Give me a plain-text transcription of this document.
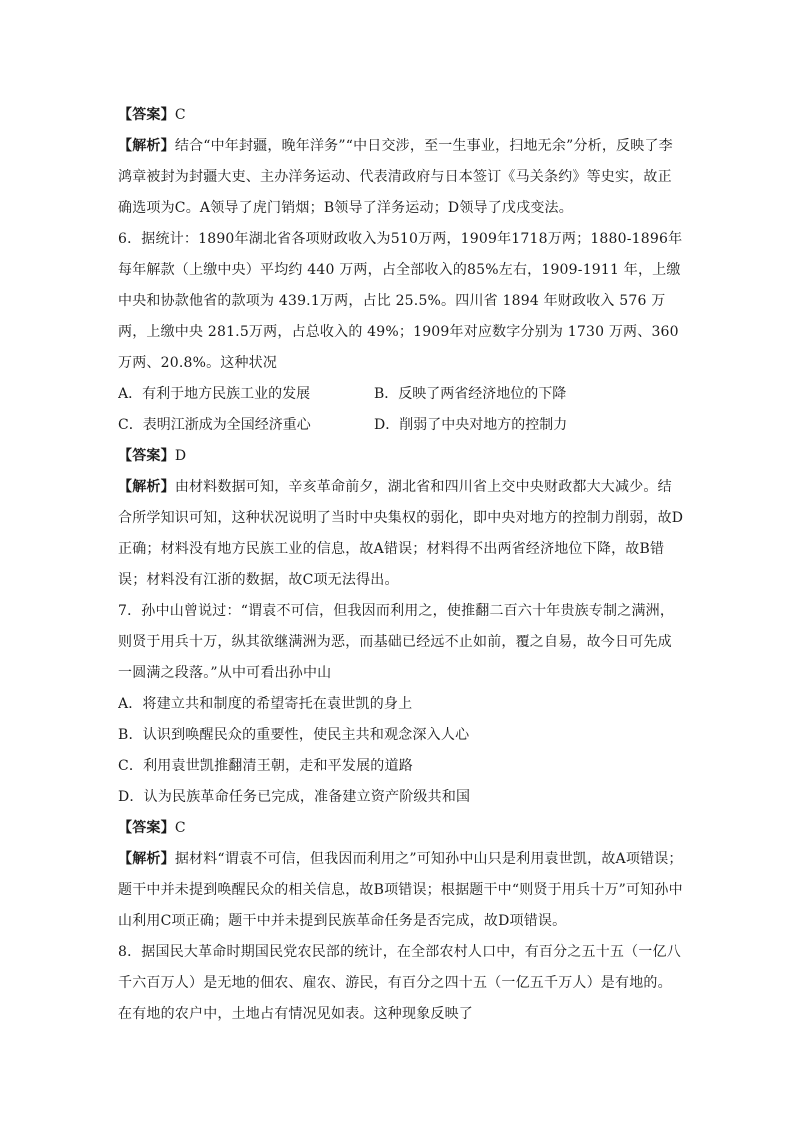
【答案】C
【解析】结合“中年封疆，晚年洋务”“中日交涉，至一生事业，扫地无余”分析，反映了李鸿章被封为封疆大吏、主办洋务运动、代表清政府与日本签订《马关条约》等史实，故正确选项为C。A领导了虎门销烟；B领导了洋务运动；D领导了戊戌变法。
6．据统计：1890年湖北省各项财政收入为510万两，1909年1718万两；1880-1896年每年解款（上缴中央）平均约 440 万两，占全部收入的85%左右，1909-1911 年，上缴中央和协款他省的款项为 439.1万两，占比 25.5%。四川省 1894 年财政收入 576 万两，上缴中央 281.5万两，占总收入的 49%；1909年对应数字分别为 1730 万两、360 万两、20.8%。这种状况
A．有利于地方民族工业的发展	B．反映了两省经济地位的下降
C．表明江浙成为全国经济重心	D．削弱了中央对地方的控制力
【答案】D
【解析】由材料数据可知，辛亥革命前夕，湖北省和四川省上交中央财政都大大减少。结合所学知识可知，这种状况说明了当时中央集权的弱化，即中央对地方的控制力削弱，故D正确；材料没有地方民族工业的信息，故A错误；材料得不出两省经济地位下降，故B错误；材料没有江浙的数据，故C项无法得出。
7．孙中山曾说过：“谓袁不可信，但我因而利用之，使推翻二百六十年贵族专制之满洲，则贤于用兵十万，纵其欲继满洲为恶，而基础已经远不止如前，覆之自易，故今日可先成一圆满之段落。”从中可看出孙中山
A．将建立共和制度的希望寄托在袁世凯的身上
B．认识到唤醒民众的重要性，使民主共和观念深入人心
C．利用袁世凯推翻清王朝，走和平发展的道路
D．认为民族革命任务已完成，准备建立资产阶级共和国
【答案】C
【解析】据材料“谓袁不可信，但我因而利用之”可知孙中山只是利用袁世凯，故A项错误；题干中并未提到唤醒民众的相关信息，故B项错误；根据题干中“则贤于用兵十万”可知孙中山利用C项正确；题干中并未提到民族革命任务是否完成，故D项错误。
8．据国民大革命时期国民党农民部的统计，在全部农村人口中，有百分之五十五（一亿八千六百万人）是无地的佃农、雇农、游民，有百分之四十五（一亿五千万人）是有地的。在有地的农户中，土地占有情况见如表。这种现象反映了
